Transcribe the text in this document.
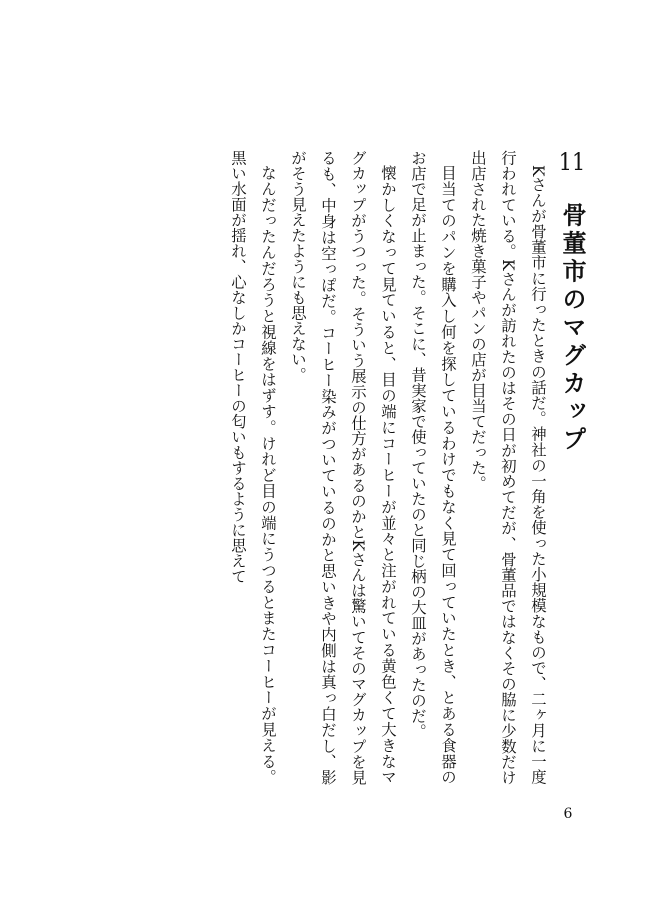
11 骨董市のマグカップ

Kさんが骨董市に行ったときの話だ。神社の一角を使った小規模なもので、二ヶ月に一度行われている。Kさんが訪れたのはその日が初めてだが、骨董品ではなくその脇に少数だけ出店された焼き菓子やパンの店が目当てだった。

目当てのパンを購入し何を探しているわけでもなく見て回っていたとき、とある食器のお店で足が止まった。そこに、昔実家で使っていたのと同じ柄の大皿があったのだ。

懐かしくなって見ていると、目の端にコーヒーが並々と注がれている黄色くて大きなマグカップがうつった。そういう展示の仕方があるのかとKさんは驚いてそのマグカップを見るも、中身は空っぽだ。コーヒー染みがついているのかと思いきや内側は真っ白だし、影がそう見えたようにも思えない。

なんだったんだろうと視線をはずす。けれど目の端にうつるとまたコーヒーが見える。黒い水面が揺れ、心なしかコーヒーの匂いもするように思えて

6
